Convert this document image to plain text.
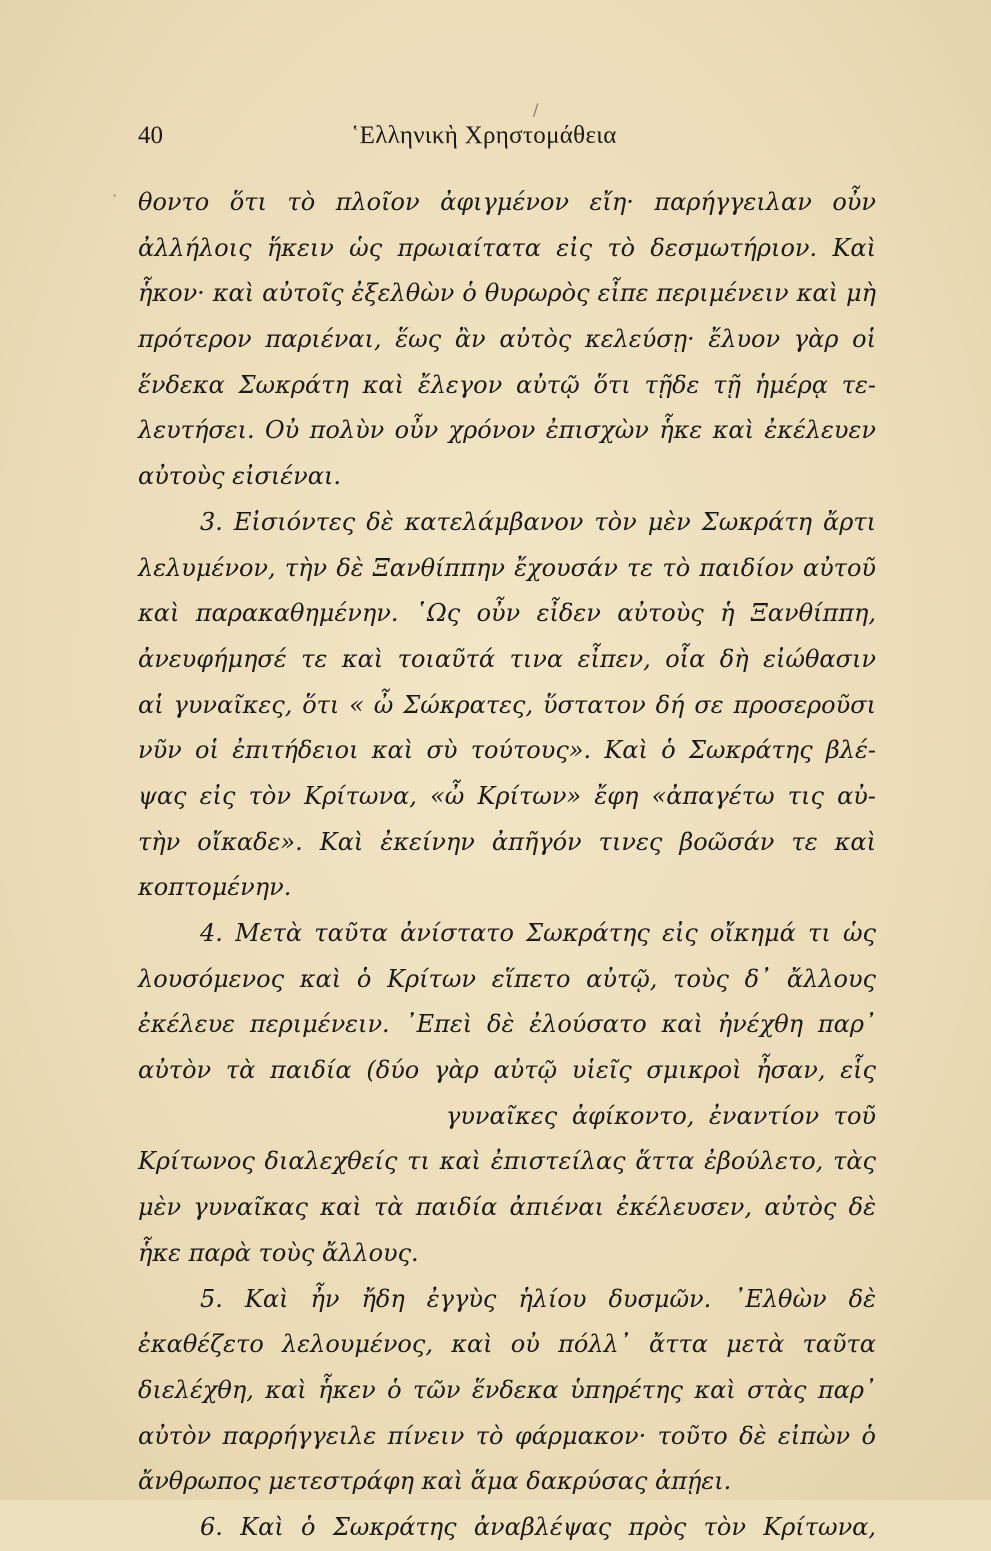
/
·
40	῾Ελληνικὴ Χρηστομάθεια
θοντο ὅτι τὸ πλοῖον ἀφιγμένον εἴη· παρήγγειλαν οὖν
ἀλλήλοις ἥκειν ὡς πρωιαίτατα εἰς τὸ δεσμωτήριον. Καὶ
ἧκον· καὶ αὐτοῖς ἐξελθὼν ὁ θυρωρὸς εἶπε περιμένειν καὶ μὴ
πρότερον παριέναι, ἕως ἂν αὐτὸς κελεύσῃ· ἔλυον γὰρ οἱ
ἕνδεκα Σωκράτη καὶ ἔλεγον αὐτῷ ὅτι τῇδε τῇ ἡμέρᾳ τε-
λευτήσει. Οὐ πολὺν οὖν χρόνον ἐπισχὼν ἧκε καὶ ἐκέλευεν
αὐτοὺς εἰσιέναι.
3. Εἰσιόντες δὲ κατελάμβανον τὸν μὲν Σωκράτη ἄρτι
λελυμένον, τὴν δὲ Ξανθίππην ἔχουσάν τε τὸ παιδίον αὐτοῦ
καὶ παρακαθημένην. ῾Ως οὖν εἶδεν αὐτοὺς ἡ Ξανθίππη,
ἀνευφήμησέ τε καὶ τοιαῦτά τινα εἶπεν, οἷα δὴ εἰώθασιν
αἱ γυναῖκες, ὅτι « ὦ Σώκρατες, ὕστατον δή σε προσεροῦσι
νῦν οἱ ἐπιτήδειοι καὶ σὺ τούτους». Καὶ ὁ Σωκράτης βλέ-
ψας εἰς τὸν Κρίτωνα, «ὦ Κρίτων» ἔφη «ἀπαγέτω τις αὐ-
τὴν οἴκαδε». Καὶ ἐκείνην ἀπῆγόν τινες βοῶσάν τε καὶ
κοπτομένην.
4. Μετὰ ταῦτα ἀνίστατο Σωκράτης εἰς οἴκημά τι ὡς
λουσόμενος καὶ ὁ Κρίτων εἵπετο αὐτῷ, τοὺς δ᾽ ἄλλους
ἐκέλευε περιμένειν. ᾿Επεὶ δὲ ἐλούσατο καὶ ἠνέχθη παρ᾽
αὐτὸν τὰ παιδία (δύο γὰρ αὐτῷ υἱεῖς σμικροὶ ἦσαν, εἷς
γυναῖκες ἀφίκοντο, ἐναντίον τοῦ
Κρίτωνος διαλεχθείς τι καὶ ἐπιστείλας ἅττα ἐβούλετο, τὰς
μὲν γυναῖκας καὶ τὰ παιδία ἀπιέναι ἐκέλευσεν, αὐτὸς δὲ
ἧκε παρὰ τοὺς ἄλλους.
5. Καὶ ἦν ἤδη ἐγγὺς ἡλίου δυσμῶν. ᾿Ελθὼν δὲ
ἐκαθέζετο λελουμένος, καὶ οὐ πόλλ᾽ ἄττα μετὰ ταῦτα
διελέχθη, καὶ ἧκεν ὁ τῶν ἕνδεκα ὑπηρέτης καὶ στὰς παρ᾽
αὐτὸν παρρήγγειλε πίνειν τὸ φάρμακον· τοῦτο δὲ εἰπὼν ὁ
ἄνθρωπος μετεστράφη καὶ ἅμα δακρύσας ἀπῄει.
6. Καὶ ὁ Σωκράτης ἀναβλέψας πρὸς τὸν Κρίτωνα,
